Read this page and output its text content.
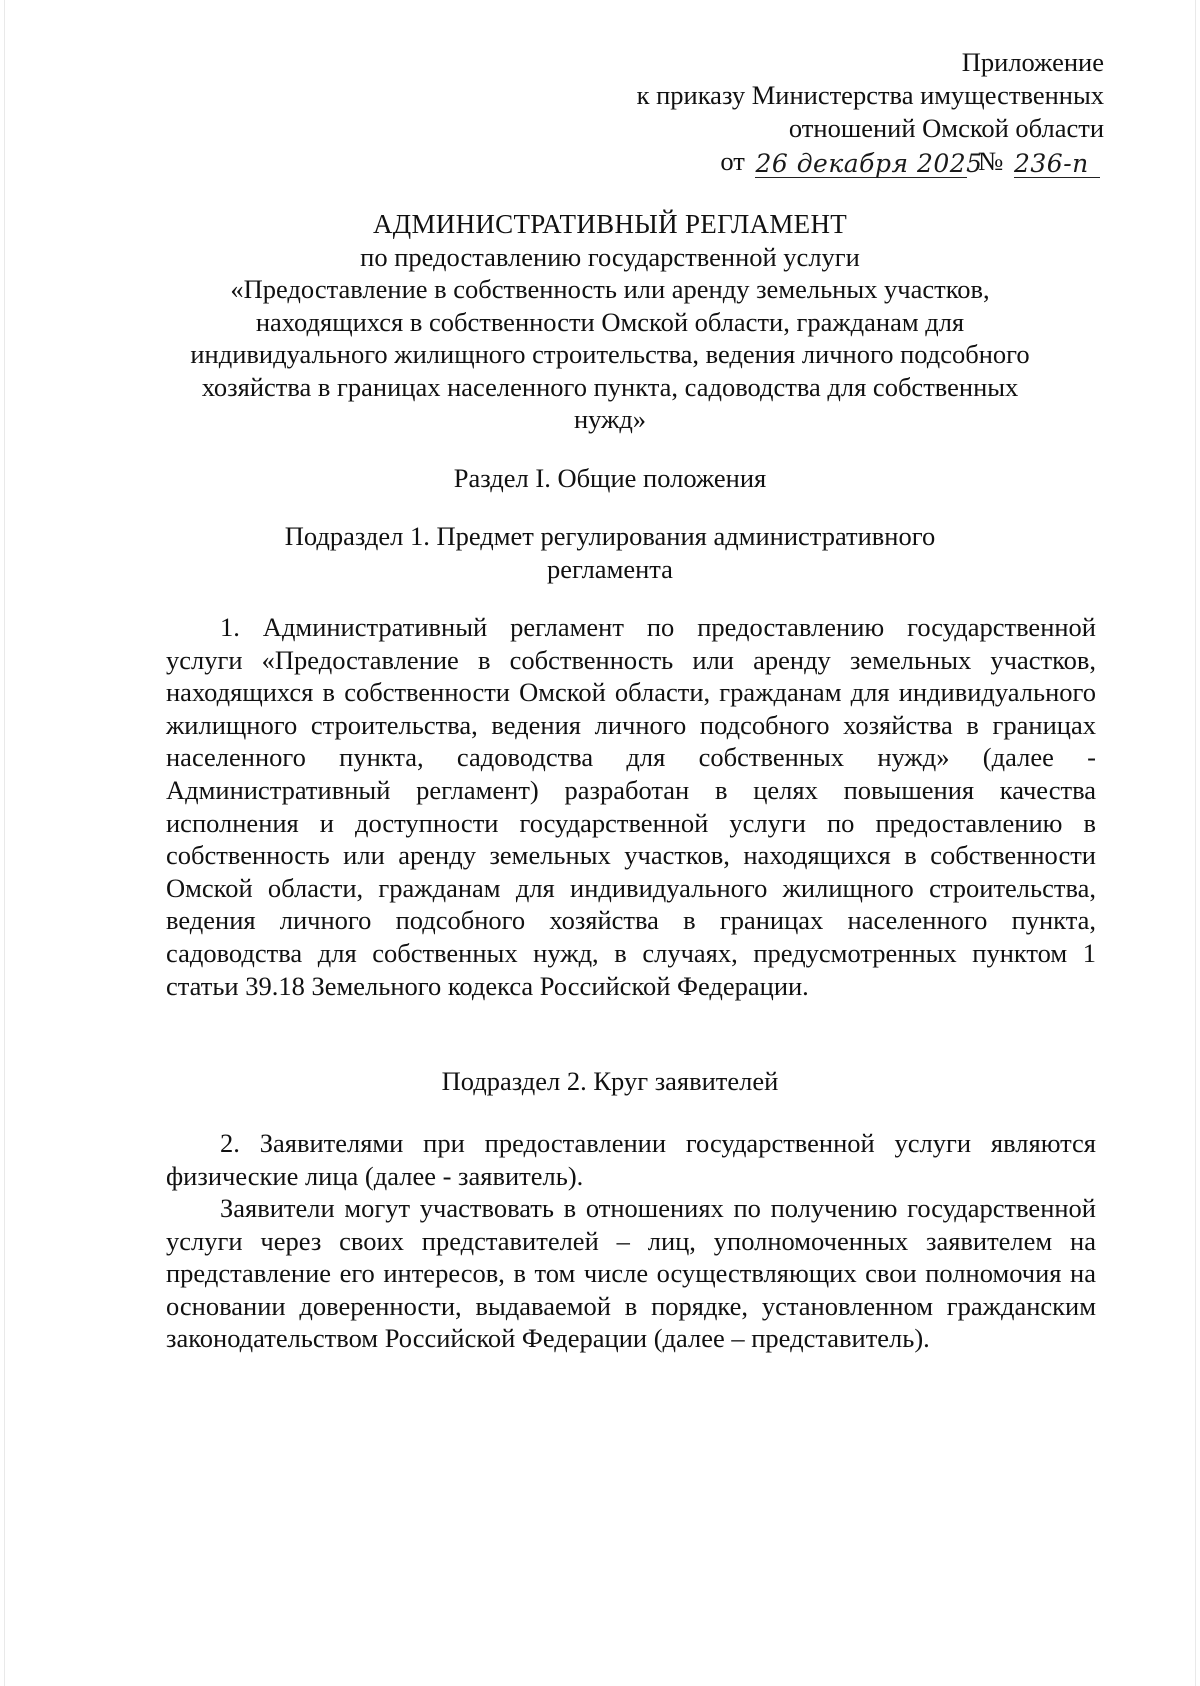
Приложение
к приказу Министерства имущественных
отношений Омской области
от 26 декабря 2025 № 236-п
АДМИНИСТРАТИВНЫЙ РЕГЛАМЕНТ
по предоставлению государственной услуги
«Предоставление в собственность или аренду земельных участков,
находящихся в собственности Омской области, гражданам для
индивидуального жилищного строительства, ведения личного подсобного
хозяйства в границах населенного пункта, садоводства для собственных
нужд»
Раздел I. Общие положения
Подраздел 1. Предмет регулирования административного
регламента
1. Административный регламент по предоставлению государственной услуги «Предоставление в собственность или аренду земельных участков, находящихся в собственности Омской области, гражданам для индивидуального жилищного строительства, ведения личного подсобного хозяйства в границах населенного пункта, садоводства для собственных нужд» (далее - Административный регламент) разработан в целях повышения качества исполнения и доступности государственной услуги по предоставлению в собственность или аренду земельных участков, находящихся в собственности Омской области, гражданам для индивидуального жилищного строительства, ведения личного подсобного хозяйства в границах населенного пункта, садоводства для собственных нужд, в случаях, предусмотренных пунктом 1 статьи 39.18 Земельного кодекса Российской Федерации.
Подраздел 2. Круг заявителей
2. Заявителями при предоставлении государственной услуги являются физические лица (далее - заявитель).
Заявители могут участвовать в отношениях по получению государственной услуги через своих представителей – лиц, уполномоченных заявителем на представление его интересов, в том числе осуществляющих свои полномочия на основании доверенности, выдаваемой в порядке, установленном гражданским законодательством Российской Федерации (далее – представитель).
